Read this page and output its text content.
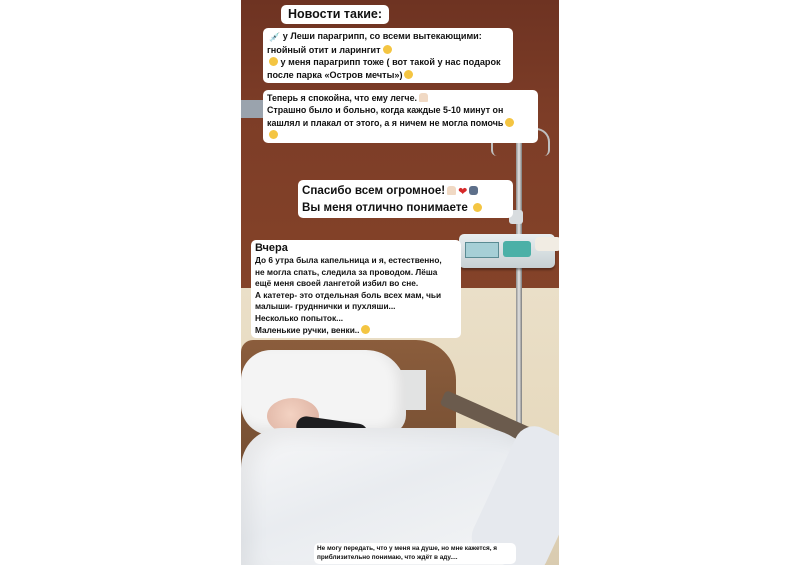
Новости такие:
💉 у Леши парагрипп, со всеми вытекающими:
гнойный отит и ларингит
у меня парагрипп тоже ( вот такой у нас подарок
после парка «Остров мечты»)
Теперь я спокойна, что ему легче.
Страшно было и больно, когда каждые 5-10 минут он
кашлял и плакал от этого, а я ничем не могла помочь
Спасибо всем огромное! ❤
Вы меня отлично понимаете
Вчера
До 6 утра была капельница и я, естественно,
не могла спать, следила за проводом. Лёша
ещё меня своей лангетой избил во сне.
А катетер- это отдельная боль всех мам, чьи
малыши- грудннички и пухляши...
Несколько попыток...
Маленькие ручки, венки..
Не могу передать, что у меня на душе, но мне кажется, я
приблизительно понимаю, что ждёт в аду....
